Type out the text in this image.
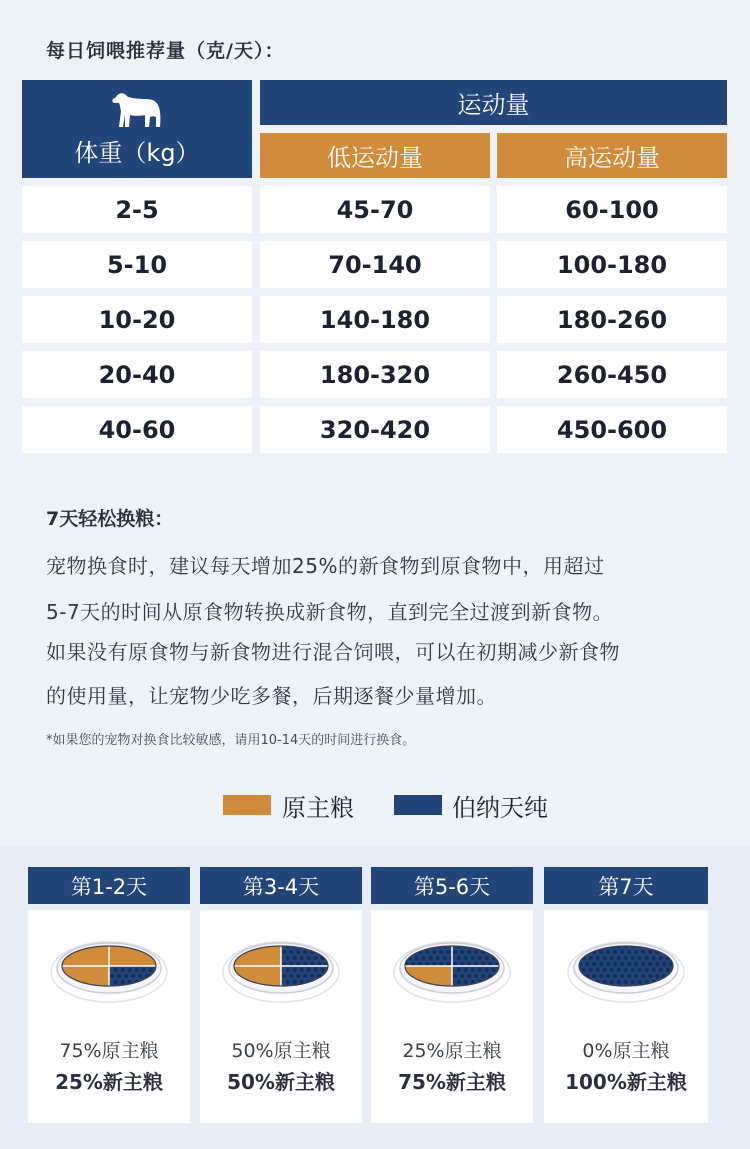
每日饲喂推荐量（克/天）：
体重（kg）
运动量
低运动量	高运动量
2-5	45-70	60-100
5-10	70-140	100-180
10-20	140-180	180-260
20-40	180-320	260-450
40-60	320-420	450-600
7天轻松换粮：
宠物换食时，建议每天增加25%的新食物到原食物中，用超过
5-7天的时间从原食物转换成新食物，直到完全过渡到新食物。
如果没有原食物与新食物进行混合饲喂，可以在初期减少新食物
的使用量，让宠物少吃多餐，后期逐餐少量增加。
*如果您的宠物对换食比较敏感，请用10-14天的时间进行换食。
原主粮	伯纳天纯
第1-2天	第3-4天	第5-6天	第7天
75%原主粮	50%原主粮	25%原主粮	0%原主粮
25%新主粮	50%新主粮	75%新主粮	100%新主粮
